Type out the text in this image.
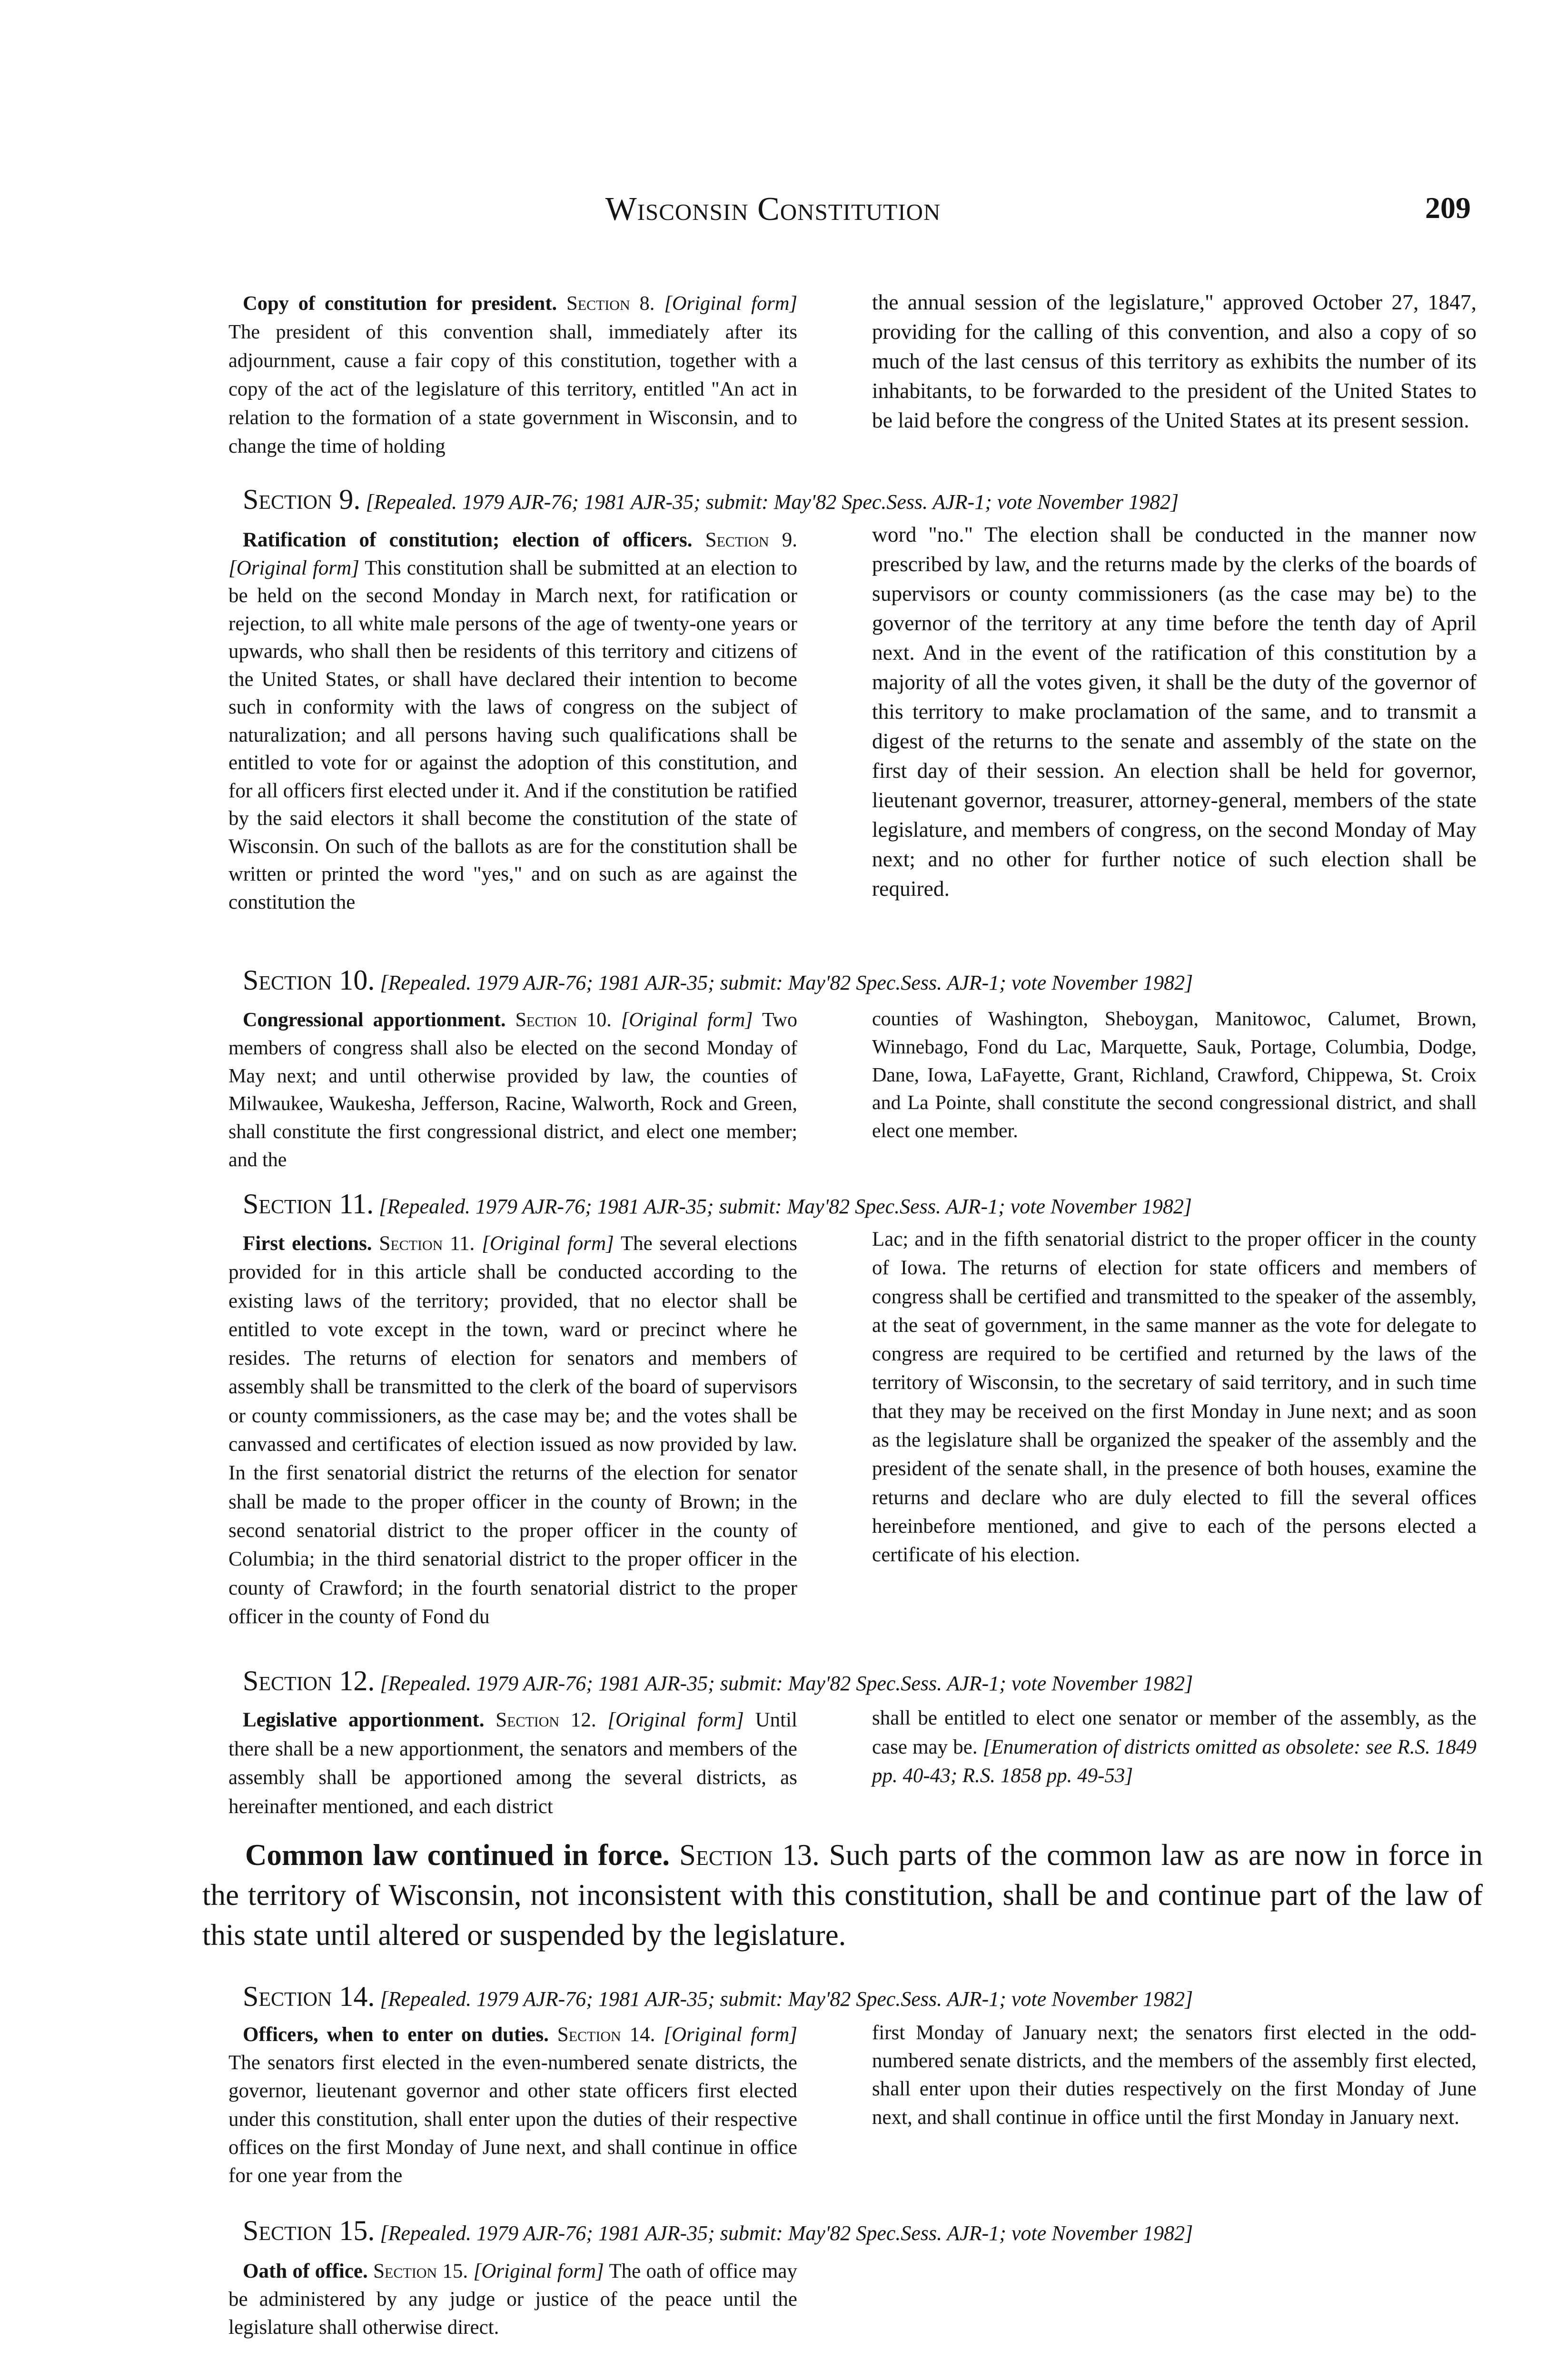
Wisconsin Constitution	209

Copy of constitution for president. Section 8. [Original form] The president of this convention shall, immediately after its adjournment, cause a fair copy of this constitution, together with a copy of the act of the legislature of this territory, entitled "An act in relation to the formation of a state government in Wisconsin, and to change the time of holding

the annual session of the legislature," approved October 27, 1847, providing for the calling of this convention, and also a copy of so much of the last census of this territory as exhibits the number of its inhabitants, to be forwarded to the president of the United States to be laid before the congress of the United States at its present session.

Section 9. [Repealed. 1979 AJR-76; 1981 AJR-35; submit: May'82 Spec.Sess. AJR-1; vote November 1982]

Ratification of constitution; election of officers. Section 9. [Original form] This constitution shall be submitted at an election to be held on the second Monday in March next, for ratification or rejection, to all white male persons of the age of twenty-one years or upwards, who shall then be residents of this territory and citizens of the United States, or shall have declared their intention to become such in conformity with the laws of congress on the subject of naturalization; and all persons having such qualifications shall be entitled to vote for or against the adoption of this constitution, and for all officers first elected under it. And if the constitution be ratified by the said electors it shall become the constitution of the state of Wisconsin. On such of the ballots as are for the constitution shall be written or printed the word "yes," and on such as are against the constitution the

word "no." The election shall be conducted in the manner now prescribed by law, and the returns made by the clerks of the boards of supervisors or county commissioners (as the case may be) to the governor of the territory at any time before the tenth day of April next. And in the event of the ratification of this constitution by a majority of all the votes given, it shall be the duty of the governor of this territory to make proclamation of the same, and to transmit a digest of the returns to the senate and assembly of the state on the first day of their session. An election shall be held for governor, lieutenant governor, treasurer, attorney-general, members of the state legislature, and members of congress, on the second Monday of May next; and no other for further notice of such election shall be required.

Section 10. [Repealed. 1979 AJR-76; 1981 AJR-35; submit: May'82 Spec.Sess. AJR-1; vote November 1982]

Congressional apportionment. Section 10. [Original form] Two members of congress shall also be elected on the second Monday of May next; and until otherwise provided by law, the counties of Milwaukee, Waukesha, Jefferson, Racine, Walworth, Rock and Green, shall constitute the first congressional district, and elect one member; and the

counties of Washington, Sheboygan, Manitowoc, Calumet, Brown, Winnebago, Fond du Lac, Marquette, Sauk, Portage, Columbia, Dodge, Dane, Iowa, LaFayette, Grant, Richland, Crawford, Chippewa, St. Croix and La Pointe, shall constitute the second congressional district, and shall elect one member.

Section 11. [Repealed. 1979 AJR-76; 1981 AJR-35; submit: May'82 Spec.Sess. AJR-1; vote November 1982]

First elections. Section 11. [Original form] The several elections provided for in this article shall be conducted according to the existing laws of the territory; provided, that no elector shall be entitled to vote except in the town, ward or precinct where he resides. The returns of election for senators and members of assembly shall be transmitted to the clerk of the board of supervisors or county commissioners, as the case may be; and the votes shall be canvassed and certificates of election issued as now provided by law. In the first senatorial district the returns of the election for senator shall be made to the proper officer in the county of Brown; in the second senatorial district to the proper officer in the county of Columbia; in the third senatorial district to the proper officer in the county of Crawford; in the fourth senatorial district to the proper officer in the county of Fond du

Lac; and in the fifth senatorial district to the proper officer in the county of Iowa. The returns of election for state officers and members of congress shall be certified and transmitted to the speaker of the assembly, at the seat of government, in the same manner as the vote for delegate to congress are required to be certified and returned by the laws of the territory of Wisconsin, to the secretary of said territory, and in such time that they may be received on the first Monday in June next; and as soon as the legislature shall be organized the speaker of the assembly and the president of the senate shall, in the presence of both houses, examine the returns and declare who are duly elected to fill the several offices hereinbefore mentioned, and give to each of the persons elected a certificate of his election.

Section 12. [Repealed. 1979 AJR-76; 1981 AJR-35; submit: May'82 Spec.Sess. AJR-1; vote November 1982]

Legislative apportionment. Section 12. [Original form] Until there shall be a new apportionment, the senators and members of the assembly shall be apportioned among the several districts, as hereinafter mentioned, and each district

shall be entitled to elect one senator or member of the assembly, as the case may be. [Enumeration of districts omitted as obsolete: see R.S. 1849 pp. 40-43; R.S. 1858 pp. 49-53]

Common law continued in force. Section 13. Such parts of the common law as are now in force in the territory of Wisconsin, not inconsistent with this constitution, shall be and continue part of the law of this state until altered or suspended by the legislature.
Section 14. [Repealed. 1979 AJR-76; 1981 AJR-35; submit: May'82 Spec.Sess. AJR-1; vote November 1982]

Officers, when to enter on duties. Section 14. [Original form] The senators first elected in the even-numbered senate districts, the governor, lieutenant governor and other state officers first elected under this constitution, shall enter upon the duties of their respective offices on the first Monday of June next, and shall continue in office for one year from the

first Monday of January next; the senators first elected in the odd-numbered senate districts, and the members of the assembly first elected, shall enter upon their duties respectively on the first Monday of June next, and shall continue in office until the first Monday in January next.

Section 15. [Repealed. 1979 AJR-76; 1981 AJR-35; submit: May'82 Spec.Sess. AJR-1; vote November 1982]

Oath of office. Section 15. [Original form] The oath of office may be administered by any judge or justice of the peace until the legislature shall otherwise direct.
